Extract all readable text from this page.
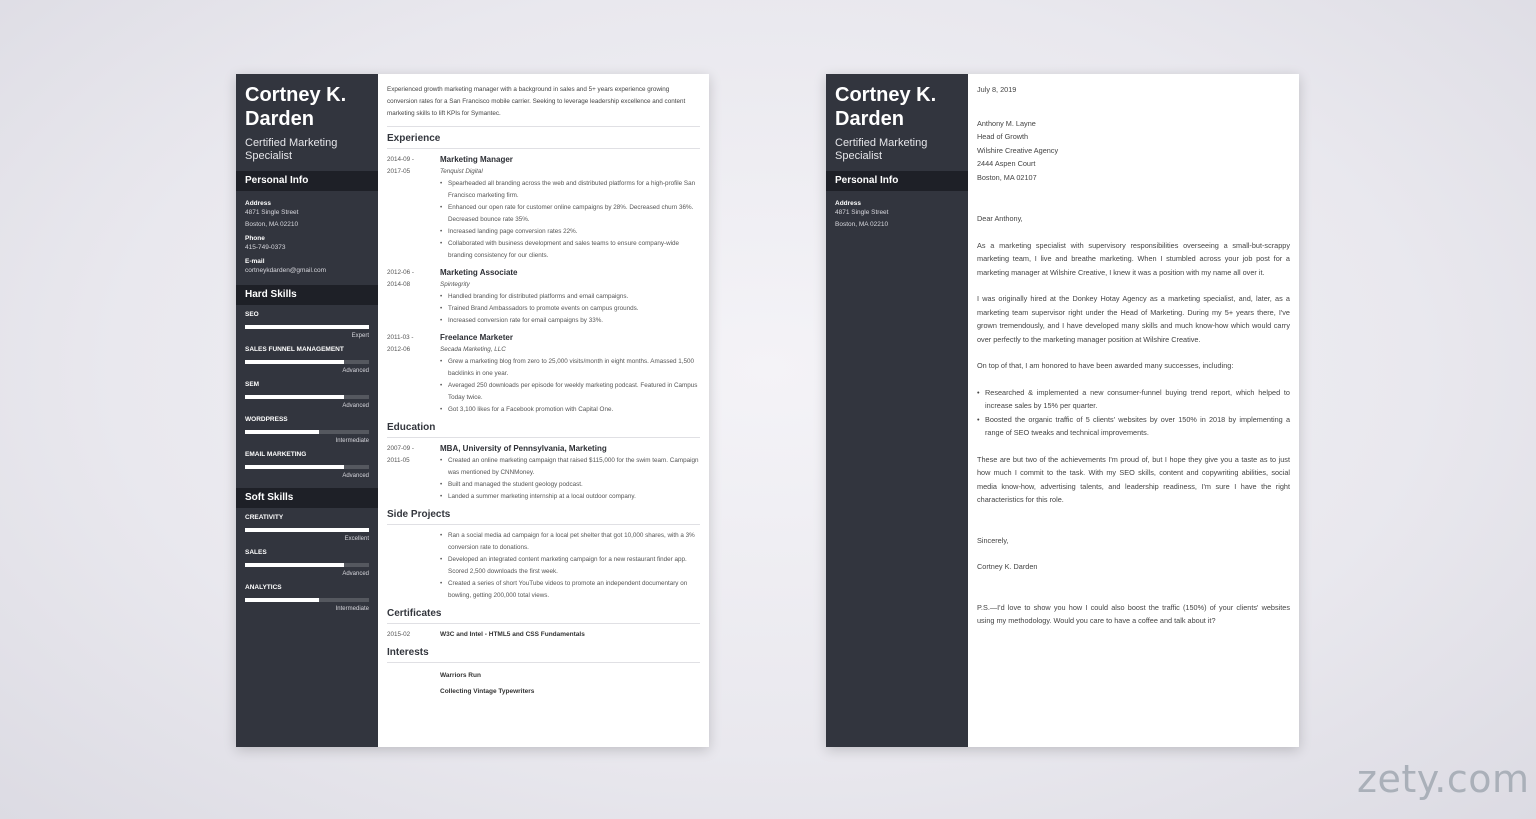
Cortney K. Darden
Certified Marketing Specialist
Personal Info
Address
4871 Single Street
Boston, MA 02210
Phone
415-749-0373
E-mail
cortneykdarden@gmail.com
Hard Skills
SEO
Expert
SALES FUNNEL MANAGEMENT
Advanced
SEM
Advanced
WORDPRESS
Intermediate
EMAIL MARKETING
Advanced
Soft Skills
CREATIVITY
Excellent
SALES
Advanced
ANALYTICS
Intermediate
Experienced growth marketing manager with a background in sales and 5+ years experience growing conversion rates for a San Francisco mobile carrier. Seeking to leverage leadership excellence and content marketing skills to lift KPIs for Symantec.
Experience
2014-09 -
2017-05
Marketing Manager
Tenquist Digital
• Spearheaded all branding across the web and distributed platforms for a high-profile San Francisco marketing firm.
• Enhanced our open rate for customer online campaigns by 28%. Decreased churn 36%. Decreased bounce rate 35%.
• Increased landing page conversion rates 22%.
• Collaborated with business development and sales teams to ensure company-wide branding consistency for our clients.
2012-06 -
2014-08
Marketing Associate
Spintegrity
• Handled branding for distributed platforms and email campaigns.
• Trained Brand Ambassadors to promote events on campus grounds.
• Increased conversion rate for email campaigns by 33%.
2011-03 -
2012-06
Freelance Marketer
Secada Marketing, LLC
• Grew a marketing blog from zero to 25,000 visits/month in eight months. Amassed 1,500 backlinks in one year.
• Averaged 250 downloads per episode for weekly marketing podcast. Featured in Campus Today twice.
• Got 3,100 likes for a Facebook promotion with Capital One.
Education
2007-09 -
2011-05
MBA, University of Pennsylvania, Marketing
• Created an online marketing campaign that raised $115,000 for the swim team. Campaign was mentioned by CNNMoney.
• Built and managed the student geology podcast.
• Landed a summer marketing internship at a local outdoor company.
Side Projects
• Ran a social media ad campaign for a local pet shelter that got 10,000 shares, with a 3% conversion rate to donations.
• Developed an integrated content marketing campaign for a new restaurant finder app. Scored 2,500 downloads the first week.
• Created a series of short YouTube videos to promote an independent documentary on bowling, getting 200,000 total views.
Certificates
2015-02	W3C and Intel - HTML5 and CSS Fundamentals
Interests
Warriors Run
Collecting Vintage Typewriters
Cortney K. Darden
Certified Marketing Specialist
Personal Info
Address
4871 Single Street
Boston, MA 02210

July 8, 2019

Anthony M. Layne
Head of Growth
Wilshire Creative Agency
2444 Aspen Court
Boston, MA 02107

Dear Anthony,

As a marketing specialist with supervisory responsibilities overseeing a small-but-scrappy marketing team, I live and breathe marketing. When I stumbled across your job post for a marketing manager at Wilshire Creative, I knew it was a position with my name all over it.

I was originally hired at the Donkey Hotay Agency as a marketing specialist, and, later, as a marketing team supervisor right under the Head of Marketing. During my 5+ years there, I've grown tremendously, and I have developed many skills and much know-how which would carry over perfectly to the marketing manager position at Wilshire Creative.

On top of that, I am honored to have been awarded many successes, including:

• Researched & implemented a new consumer-funnel buying trend report, which helped to increase sales by 15% per quarter.
• Boosted the organic traffic of 5 clients' websites by over 150% in 2018 by implementing a range of SEO tweaks and technical improvements.

These are but two of the achievements I'm proud of, but I hope they give you a taste as to just how much I commit to the task. With my SEO skills, content and copywriting abilities, social media know-how, advertising talents, and leadership readiness, I'm sure I have the right characteristics for this role.

Sincerely,

Cortney K. Darden

P.S.—I'd love to show you how I could also boost the traffic (150%) of your clients' websites using my methodology. Would you care to have a coffee and talk about it?

zety.com
